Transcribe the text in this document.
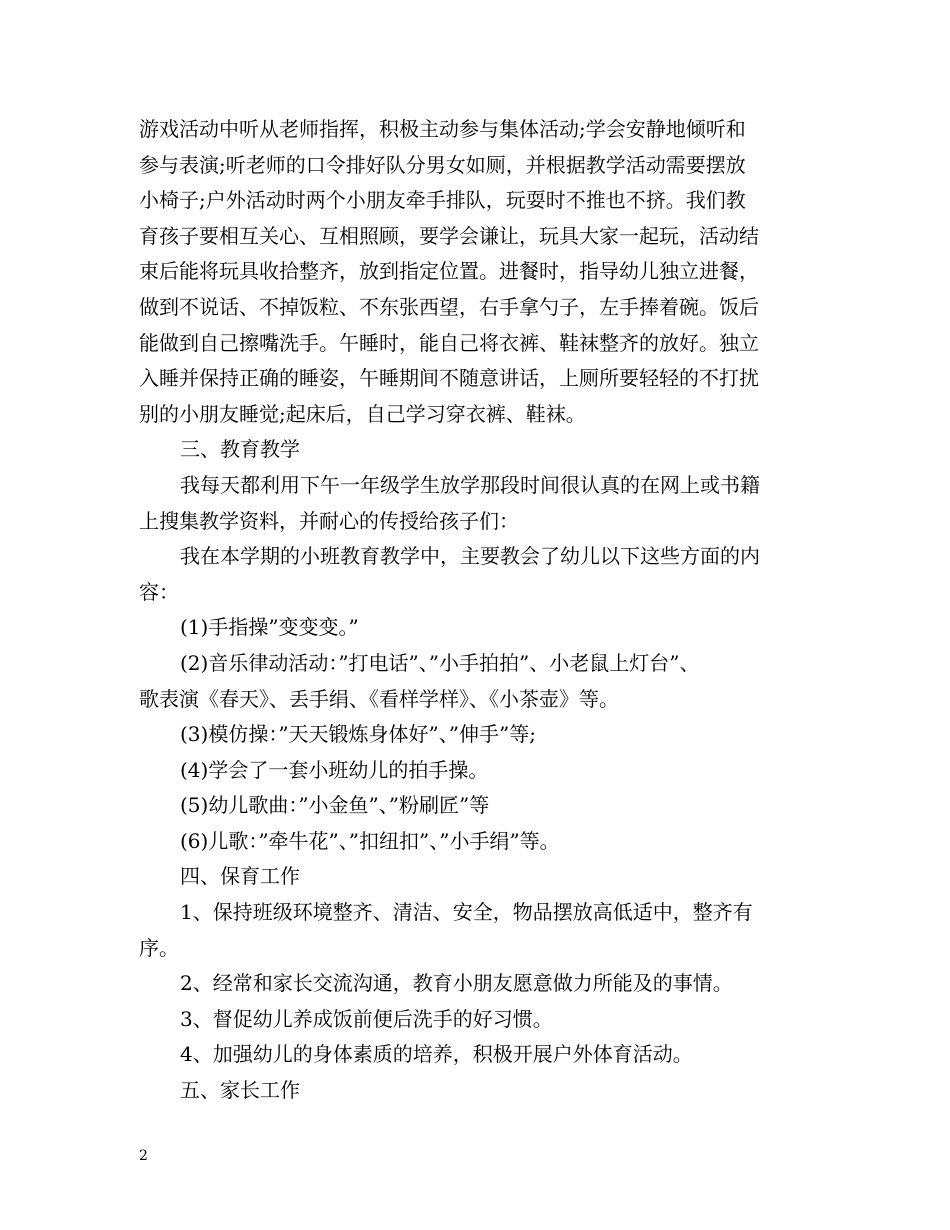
游戏活动中听从老师指挥，积极主动参与集体活动;学会安静地倾听和
参与表演;听老师的口令排好队分男女如厕，并根据教学活动需要摆放
小椅子;户外活动时两个小朋友牵手排队，玩耍时不推也不挤。我们教
育孩子要相互关心、互相照顾，要学会谦让，玩具大家一起玩，活动结
束后能将玩具收拾整齐，放到指定位置。进餐时，指导幼儿独立进餐，
做到不说话、不掉饭粒、不东张西望，右手拿勺子，左手捧着碗。饭后
能做到自己擦嘴洗手。午睡时，能自己将衣裤、鞋袜整齐的放好。独立
入睡并保持正确的睡姿，午睡期间不随意讲话，上厕所要轻轻的不打扰
别的小朋友睡觉;起床后，自己学习穿衣裤、鞋袜。
三、教育教学
我每天都利用下午一年级学生放学那段时间很认真的在网上或书籍
上搜集教学资料，并耐心的传授给孩子们：
我在本学期的小班教育教学中，主要教会了幼儿以下这些方面的内
容：
(1)手指操”变变变。”
(2)音乐律动活动：”打电话”、”小手拍拍”、小老鼠上灯台”、
歌表演《春天》、丢手绢、《看样学样》、《小茶壶》等。
(3)模仿操：”天天锻炼身体好”、”伸手”等;
(4)学会了一套小班幼儿的拍手操。
(5)幼儿歌曲：”小金鱼”、”粉刷匠”等
(6)儿歌：”牵牛花”、”扣纽扣”、”小手绢”等。
四、保育工作
1、保持班级环境整齐、清洁、安全，物品摆放高低适中，整齐有
序。
2、经常和家长交流沟通，教育小朋友愿意做力所能及的事情。
3、督促幼儿养成饭前便后洗手的好习惯。
4、加强幼儿的身体素质的培养，积极开展户外体育活动。
五、家长工作
2
